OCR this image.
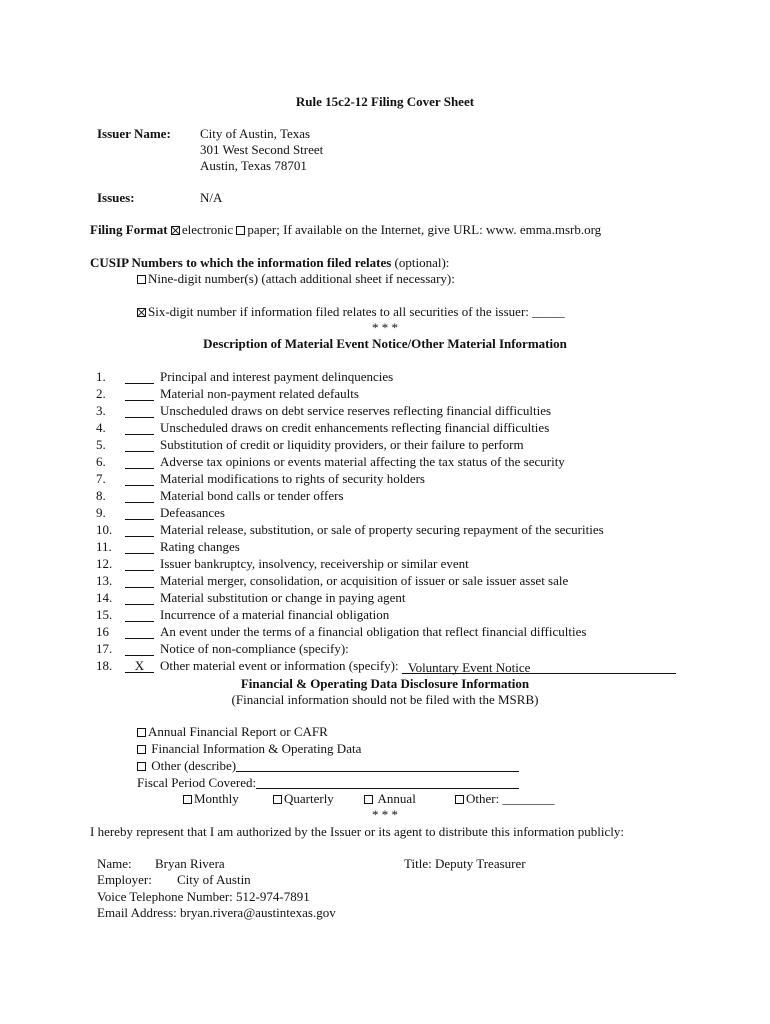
Rule 15c2-12 Filing Cover Sheet
Issuer Name: City of Austin, Texas
301 West Second Street
Austin, Texas 78701
Issues:	N/A
Filing Format electronic paper; If available on the Internet, give URL: www. emma.msrb.org
CUSIP Numbers to which the information filed relates (optional):
Nine-digit number(s) (attach additional sheet if necessary):
Six-digit number if information filed relates to all securities of the issuer: _____
* * *
Description of Material Event Notice/Other Material Information
1.	Principal and interest payment delinquencies
2.	Material non-payment related defaults
3.	Unscheduled draws on debt service reserves reflecting financial difficulties
4.	Unscheduled draws on credit enhancements reflecting financial difficulties
5.	Substitution of credit or liquidity providers, or their failure to perform
6.	Adverse tax opinions or events material affecting the tax status of the security
7.	Material modifications to rights of security holders
8.	Material bond calls or tender offers
9.	Defeasances
10.	Material release, substitution, or sale of property securing repayment of the securities
11.	Rating changes
12.	Issuer bankruptcy, insolvency, receivership or similar event
13.	Material merger, consolidation, or acquisition of issuer or sale issuer asset sale
14.	Material substitution or change in paying agent
15.	Incurrence of a material financial obligation
16	An event under the terms of a financial obligation that reflect financial difficulties
17.	Notice of non-compliance (specify):
18.	X	Other material event or information (specify): Voluntary Event Notice
Financial & Operating Data Disclosure Information
(Financial information should not be filed with the MSRB)
Annual Financial Report or CAFR
Financial Information & Operating Data
Other (describe)
Fiscal Period Covered:
Monthly	Quarterly	Annual	Other: ________
* * *
I hereby represent that I am authorized by the Issuer or its agent to distribute this information publicly:
Name: Bryan Rivera	Title: Deputy Treasurer
Employer: City of Austin
Voice Telephone Number: 512-974-7891
Email Address: bryan.rivera@austintexas.gov
